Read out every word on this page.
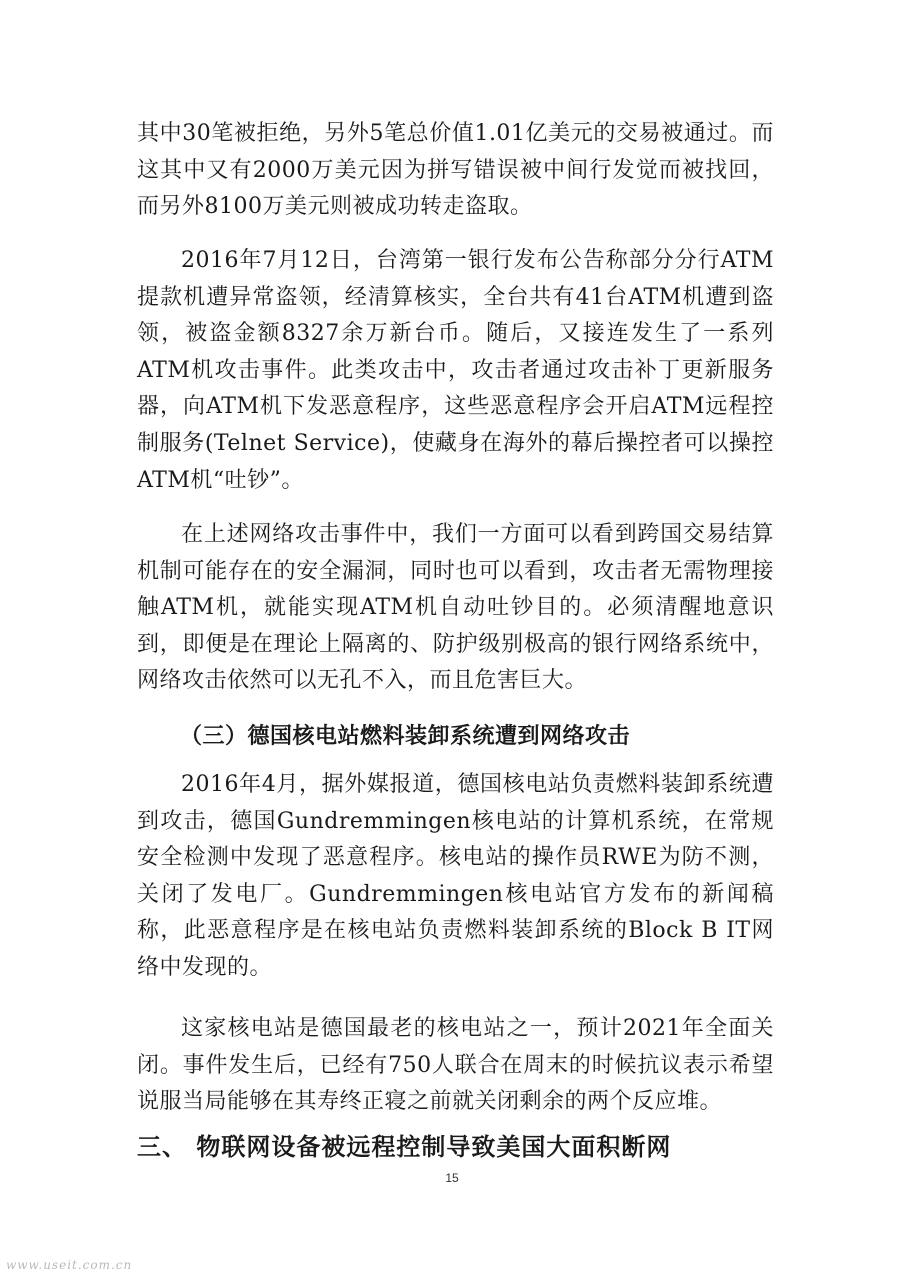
其中30笔被拒绝，另外5笔总价值1.01亿美元的交易被通过。而这其中又有2000万美元因为拼写错误被中间行发觉而被找回，而另外8100万美元则被成功转走盗取。

2016年7月12日，台湾第一银行发布公告称部分分行ATM提款机遭异常盗领，经清算核实，全台共有41台ATM机遭到盗领，被盗金额8327余万新台币。随后，又接连发生了一系列ATM机攻击事件。此类攻击中，攻击者通过攻击补丁更新服务器，向ATM机下发恶意程序，这些恶意程序会开启ATM远程控制服务(Telnet Service)，使藏身在海外的幕后操控者可以操控ATM机“吐钞”。

在上述网络攻击事件中，我们一方面可以看到跨国交易结算机制可能存在的安全漏洞，同时也可以看到，攻击者无需物理接触ATM机，就能实现ATM机自动吐钞目的。必须清醒地意识到，即便是在理论上隔离的、防护级别极高的银行网络系统中，网络攻击依然可以无孔不入，而且危害巨大。

（三）德国核电站燃料装卸系统遭到网络攻击

2016年4月，据外媒报道，德国核电站负责燃料装卸系统遭到攻击，德国Gundremmingen核电站的计算机系统，在常规安全检测中发现了恶意程序。核电站的操作员RWE为防不测，关闭了发电厂。Gundremmingen核电站官方发布的新闻稿称，此恶意程序是在核电站负责燃料装卸系统的Block B IT网络中发现的。

这家核电站是德国最老的核电站之一，预计2021年全面关闭。事件发生后，已经有750人联合在周末的时候抗议表示希望说服当局能够在其寿终正寝之前就关闭剩余的两个反应堆。

三、 物联网设备被远程控制导致美国大面积断网
15
www.useit.com.cn
